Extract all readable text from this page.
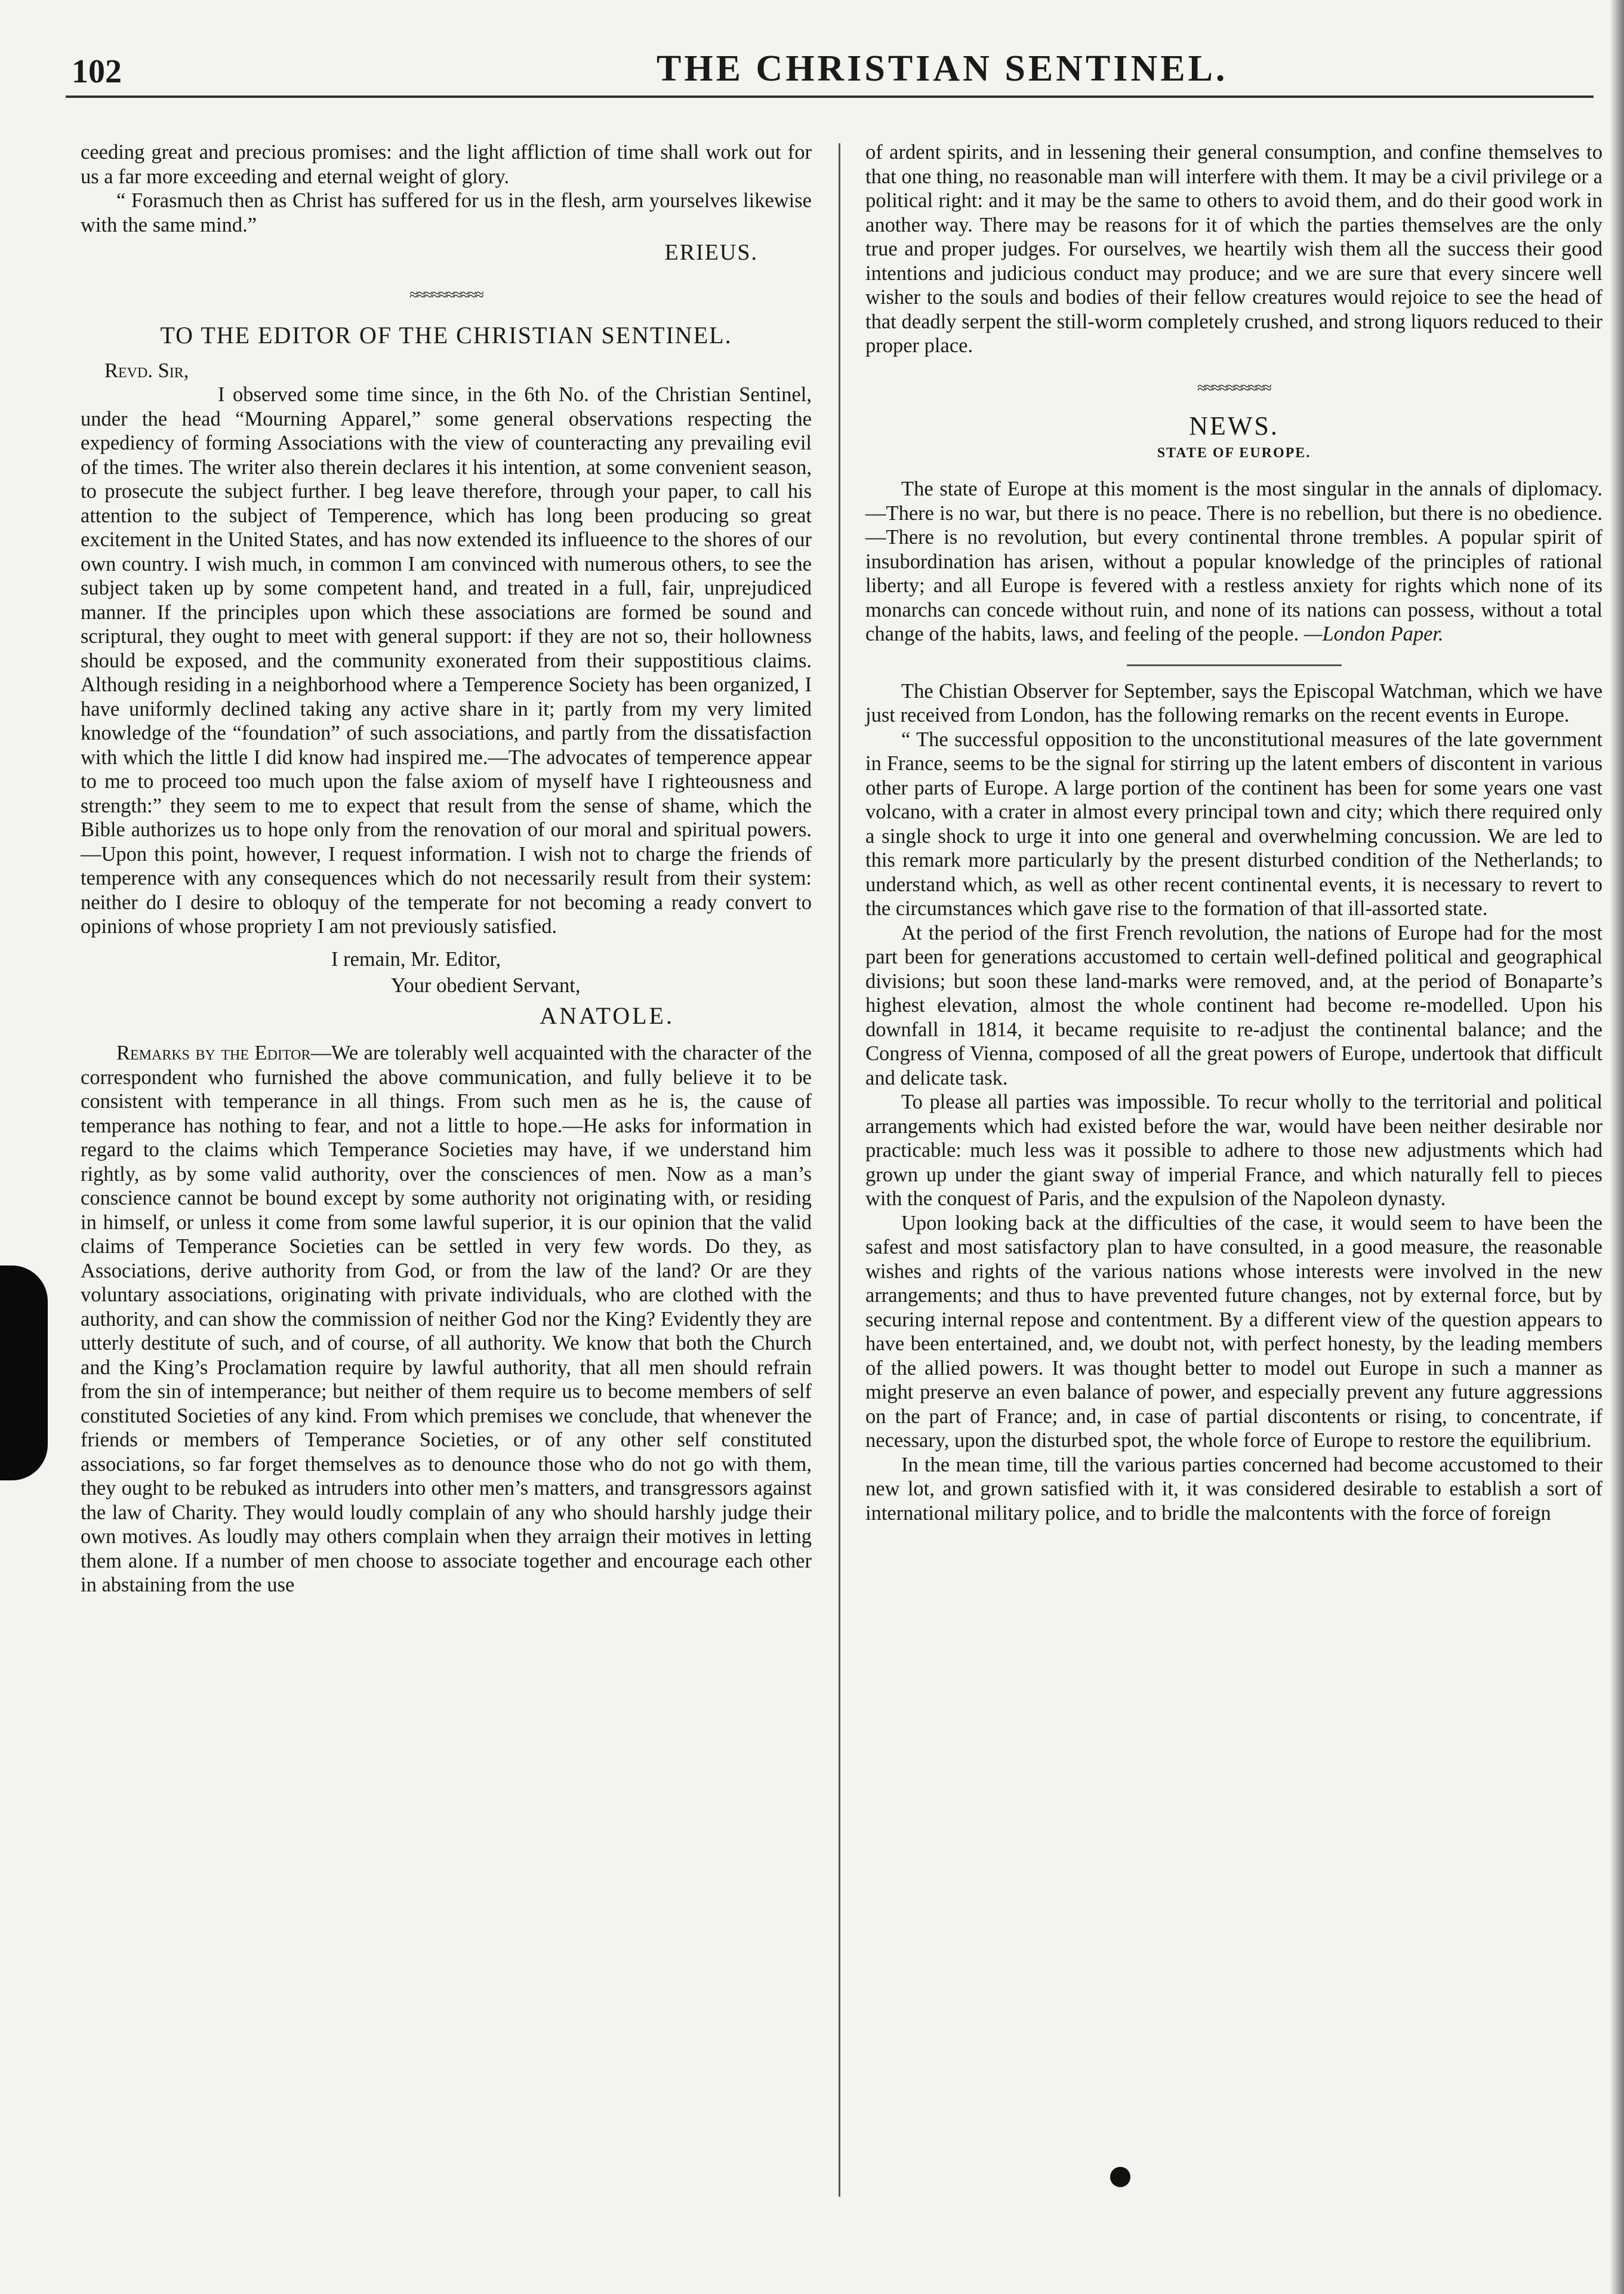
102	THE CHRISTIAN SENTINEL.

ceeding great and precious promises: and the light affliction of time shall work out for us a far more exceeding and eternal weight of glory.

“ Forasmuch then as Christ has suffered for us in the flesh, arm yourselves likewise with the same mind.”

ERIEUS.
≈≈≈≈≈≈≈≈≈≈
TO THE EDITOR OF THE CHRISTIAN SENTINEL.
Revd. Sir,

I observed some time since, in the 6th No. of the Christian Sentinel, under the head “Mourning Apparel,” some general observations respecting the expediency of forming Associations with the view of counteracting any prevailing evil of the times. The writer also therein declares it his intention, at some convenient season, to prosecute the subject further. I beg leave therefore, through your paper, to call his attention to the subject of Temperence, which has long been producing so great excitement in the United States, and has now extended its influeence to the shores of our own country. I wish much, in common I am convinced with numerous others, to see the subject taken up by some competent hand, and treated in a full, fair, unprejudiced manner. If the principles upon which these associations are formed be sound and scriptural, they ought to meet with general support: if they are not so, their hollowness should be exposed, and the community exonerated from their suppostitious claims. Although residing in a neighborhood where a Temperence Society has been organized, I have uniformly declined taking any active share in it; partly from my very limited knowledge of the “foundation” of such associations, and partly from the dissatisfaction with which the little I did know had inspired me.—The advocates of temperence appear to me to proceed too much upon the false axiom of myself have I righteousness and strength:” they seem to me to expect that result from the sense of shame, which the Bible authorizes us to hope only from the renovation of our moral and spiritual powers.—Upon this point, however, I request information. I wish not to charge the friends of temperence with any consequences which do not necessarily result from their system: neither do I desire to obloquy of the temperate for not becoming a ready convert to opinions of whose propriety I am not previously satisfied.

I remain, Mr. Editor,
Your obedient Servant,
ANATOLE.

Remarks by the Editor—We are tolerably well acquainted with the character of the correspondent who furnished the above communication, and fully believe it to be consistent with temperance in all things. From such men as he is, the cause of temperance has nothing to fear, and not a little to hope.—He asks for information in regard to the claims which Temperance Societies may have, if we understand him rightly, as by some valid authority, over the consciences of men. Now as a man’s conscience cannot be bound except by some authority not originating with, or residing in himself, or unless it come from some lawful superior, it is our opinion that the valid claims of Temperance Societies can be settled in very few words. Do they, as Associations, derive authority from God, or from the law of the land? Or are they voluntary associations, originating with private individuals, who are clothed with the authority, and can show the commission of neither God nor the King? Evidently they are utterly destitute of such, and of course, of all authority. We know that both the Church and the King’s Proclamation require by lawful authority, that all men should refrain from the sin of intemperance; but neither of them require us to become members of self constituted Societies of any kind. From which premises we conclude, that whenever the friends or members of Temperance Societies, or of any other self constituted associations, so far forget themselves as to denounce those who do not go with them, they ought to be rebuked as intruders into other men’s matters, and transgressors against the law of Charity. They would loudly complain of any who should harshly judge their own motives. As loudly may others complain when they arraign their motives in letting them alone. If a number of men choose to associate together and encourage each other in abstaining from the use

of ardent spirits, and in lessening their general consumption, and confine themselves to that one thing, no reasonable man will interfere with them. It may be a civil privilege or a political right: and it may be the same to others to avoid them, and do their good work in another way. There may be reasons for it of which the parties themselves are the only true and proper judges. For ourselves, we heartily wish them all the success their good intentions and judicious conduct may produce; and we are sure that every sincere well wisher to the souls and bodies of their fellow creatures would rejoice to see the head of that deadly serpent the still-worm completely crushed, and strong liquors reduced to their proper place.

≈≈≈≈≈≈≈≈≈≈
NEWS.
STATE OF EUROPE.

The state of Europe at this moment is the most singular in the annals of diplomacy.—There is no war, but there is no peace. There is no rebellion, but there is no obedience.—There is no revolution, but every continental throne trembles. A popular spirit of insubordination has arisen, without a popular knowledge of the principles of rational liberty; and all Europe is fevered with a restless anxiety for rights which none of its monarchs can concede without ruin, and none of its nations can possess, without a total change of the habits, laws, and feeling of the people. —London Paper.

The Chistian Observer for September, says the Episcopal Watchman, which we have just received from London, has the following remarks on the recent events in Europe.

“ The successful opposition to the unconstitutional measures of the late government in France, seems to be the signal for stirring up the latent embers of discontent in various other parts of Europe. A large portion of the continent has been for some years one vast volcano, with a crater in almost every principal town and city; which there required only a single shock to urge it into one general and overwhelming concussion. We are led to this remark more particularly by the present disturbed condition of the Netherlands; to understand which, as well as other recent continental events, it is necessary to revert to the circumstances which gave rise to the formation of that ill-assorted state.

At the period of the first French revolution, the nations of Europe had for the most part been for generations accustomed to certain well-defined political and geographical divisions; but soon these land-marks were removed, and, at the period of Bonaparte’s highest elevation, almost the whole continent had become re-modelled. Upon his downfall in 1814, it became requisite to re-adjust the continental balance; and the Congress of Vienna, composed of all the great powers of Europe, undertook that difficult and delicate task.

To please all parties was impossible. To recur wholly to the territorial and political arrangements which had existed before the war, would have been neither desirable nor practicable: much less was it possible to adhere to those new adjustments which had grown up under the giant sway of imperial France, and which naturally fell to pieces with the conquest of Paris, and the expulsion of the Napoleon dynasty.

Upon looking back at the difficulties of the case, it would seem to have been the safest and most satisfactory plan to have consulted, in a good measure, the reasonable wishes and rights of the various nations whose interests were involved in the new arrangements; and thus to have prevented future changes, not by external force, but by securing internal repose and contentment. By a different view of the question appears to have been entertained, and, we doubt not, with perfect honesty, by the leading members of the allied powers. It was thought better to model out Europe in such a manner as might preserve an even balance of power, and especially prevent any future aggressions on the part of France; and, in case of partial discontents or rising, to concentrate, if necessary, upon the disturbed spot, the whole force of Europe to restore the equilibrium.

In the mean time, till the various parties concerned had become accustomed to their new lot, and grown satisfied with it, it was considered desirable to establish a sort of international military police, and to bridle the malcontents with the force of foreign
